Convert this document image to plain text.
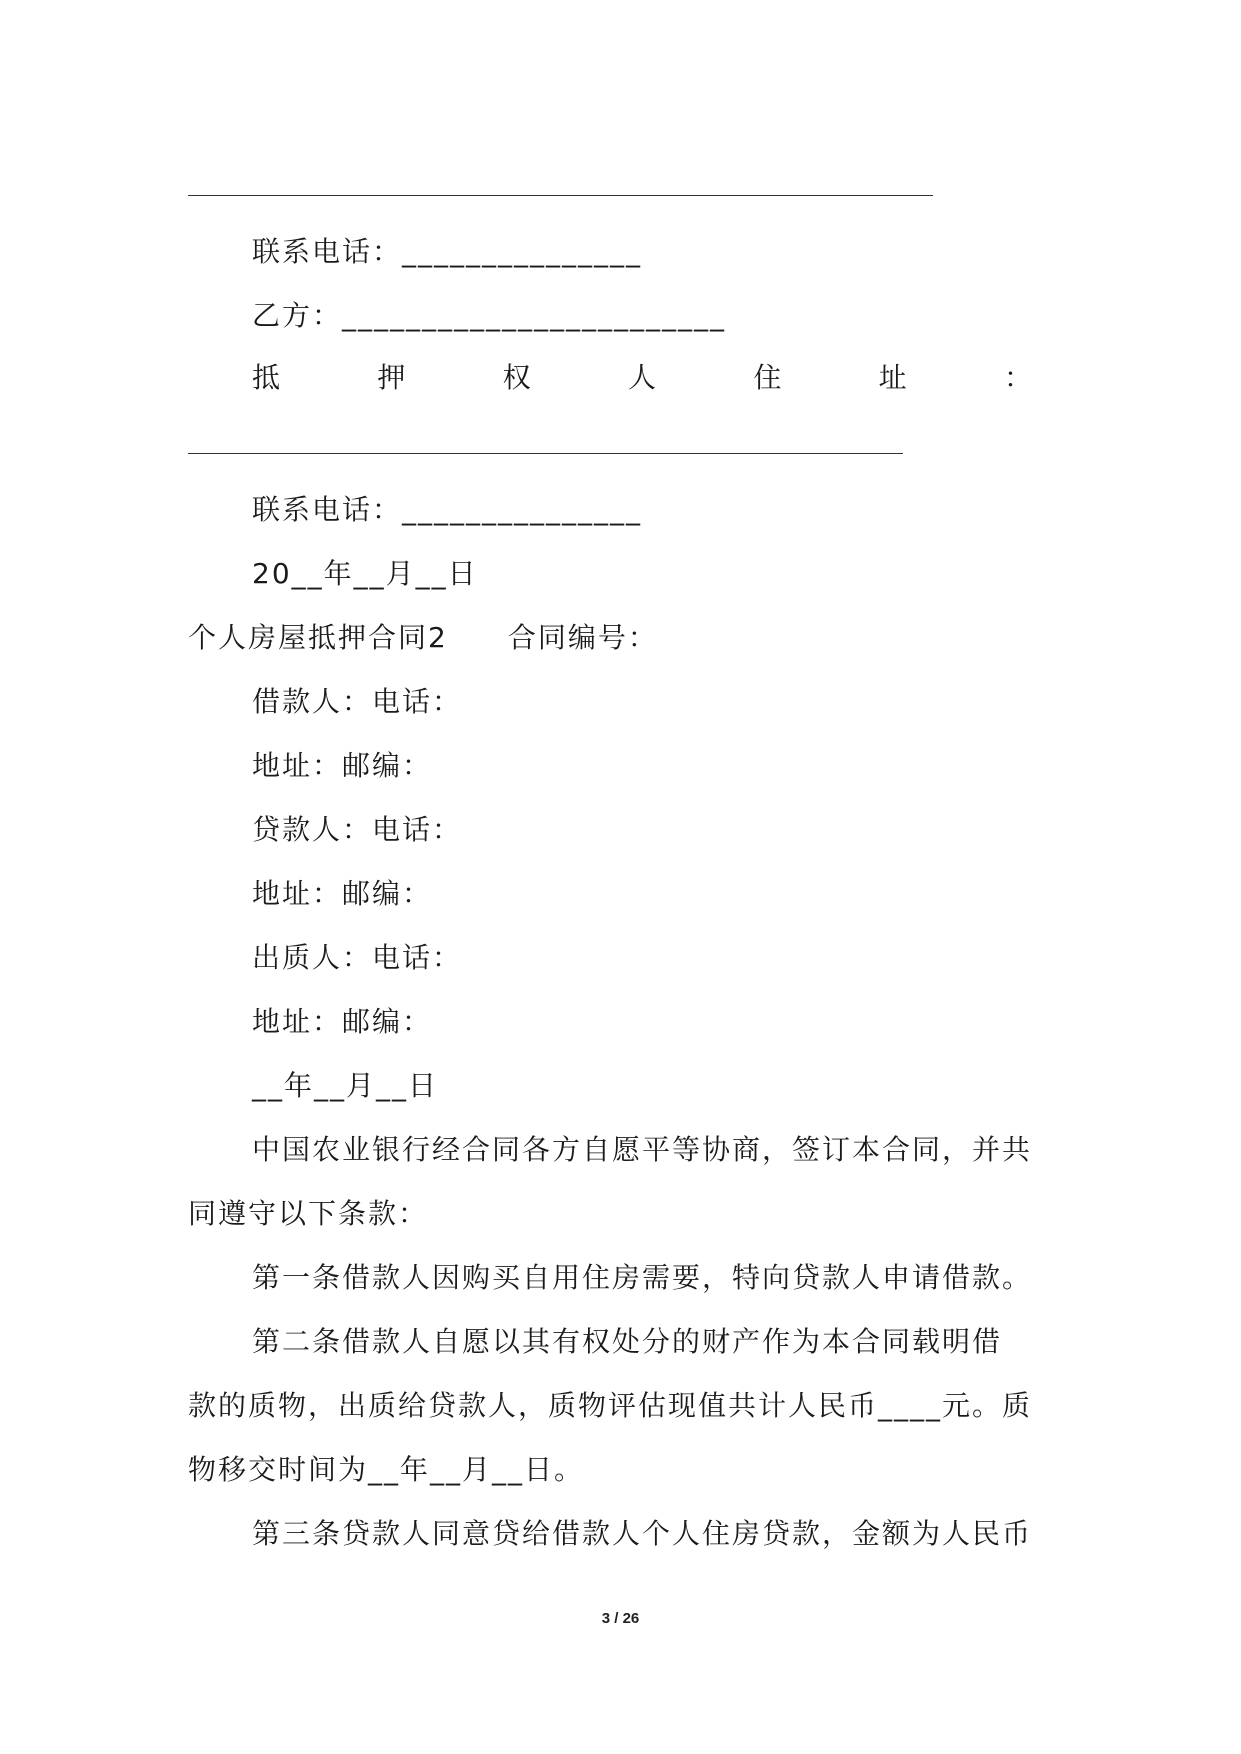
联系电话：_______________
乙方：________________________
抵	押	权	人	住	址	：
联系电话：_______________
20__年__月__日
个人房屋抵押合同2　　合同编号：
借款人：电话：
地址：邮编：
贷款人：电话：
地址：邮编：
出质人：电话：
地址：邮编：
__年__月__日
中国农业银行经合同各方自愿平等协商，签订本合同，并共
同遵守以下条款：
第一条借款人因购买自用住房需要，特向贷款人申请借款。
第二条借款人自愿以其有权处分的财产作为本合同载明借
款的质物，出质给贷款人，质物评估现值共计人民币____元。质
物移交时间为__年__月__日。
第三条贷款人同意贷给借款人个人住房贷款，金额为人民币
3 / 26
